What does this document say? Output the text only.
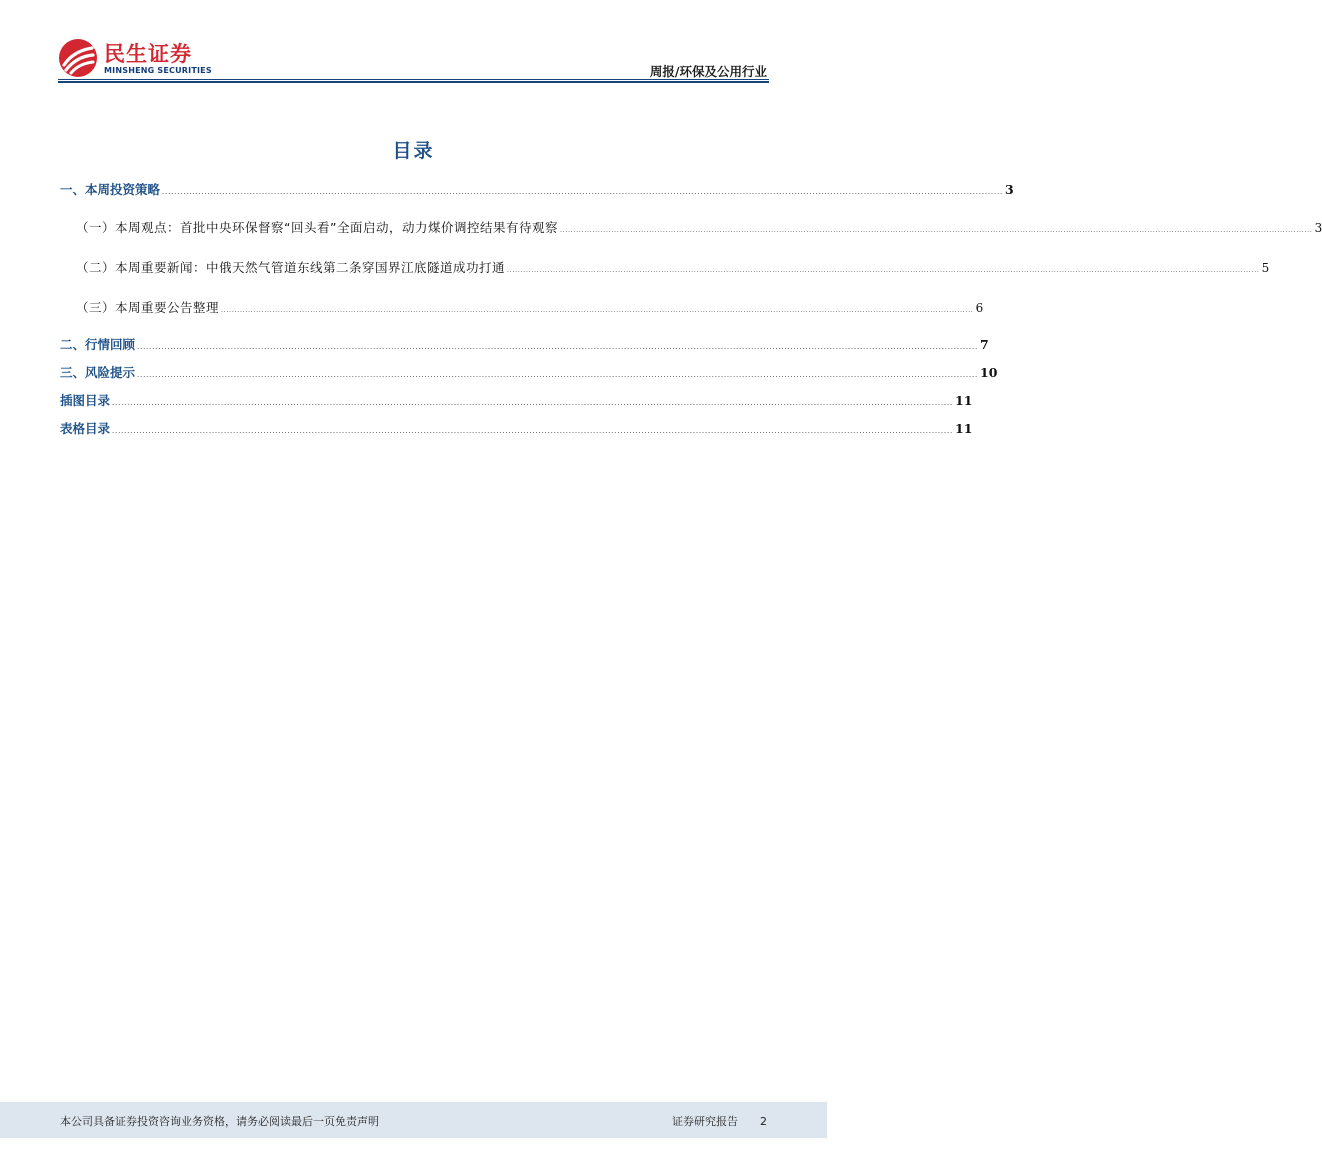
民生证券
MINSHENG SECURITIES	周报/环保及公用行业
目录
一、本周投资策略 ...................................................................................................................................................................................................................................................................................... 3
（一）本周观点：首批中央环保督察“回头看”全面启动，动力煤价调控结果有待观察 ...................................................................................................................................................................................................................................................................................... 3
（二）本周重要新闻：中俄天然气管道东线第二条穿国界江底隧道成功打通 ...................................................................................................................................................................................................................................................................................... 5
（三）本周重要公告整理 ...................................................................................................................................................................................................................................................................................... 6
二、行情回顾 ...................................................................................................................................................................................................................................................................................... 7
三、风险提示 ...................................................................................................................................................................................................................................................................................... 10
插图目录 ...................................................................................................................................................................................................................................................................................... 11
表格目录 ...................................................................................................................................................................................................................................................................................... 11
本公司具备证券投资咨询业务资格，请务必阅读最后一页免责声明	证券研究报告 2
